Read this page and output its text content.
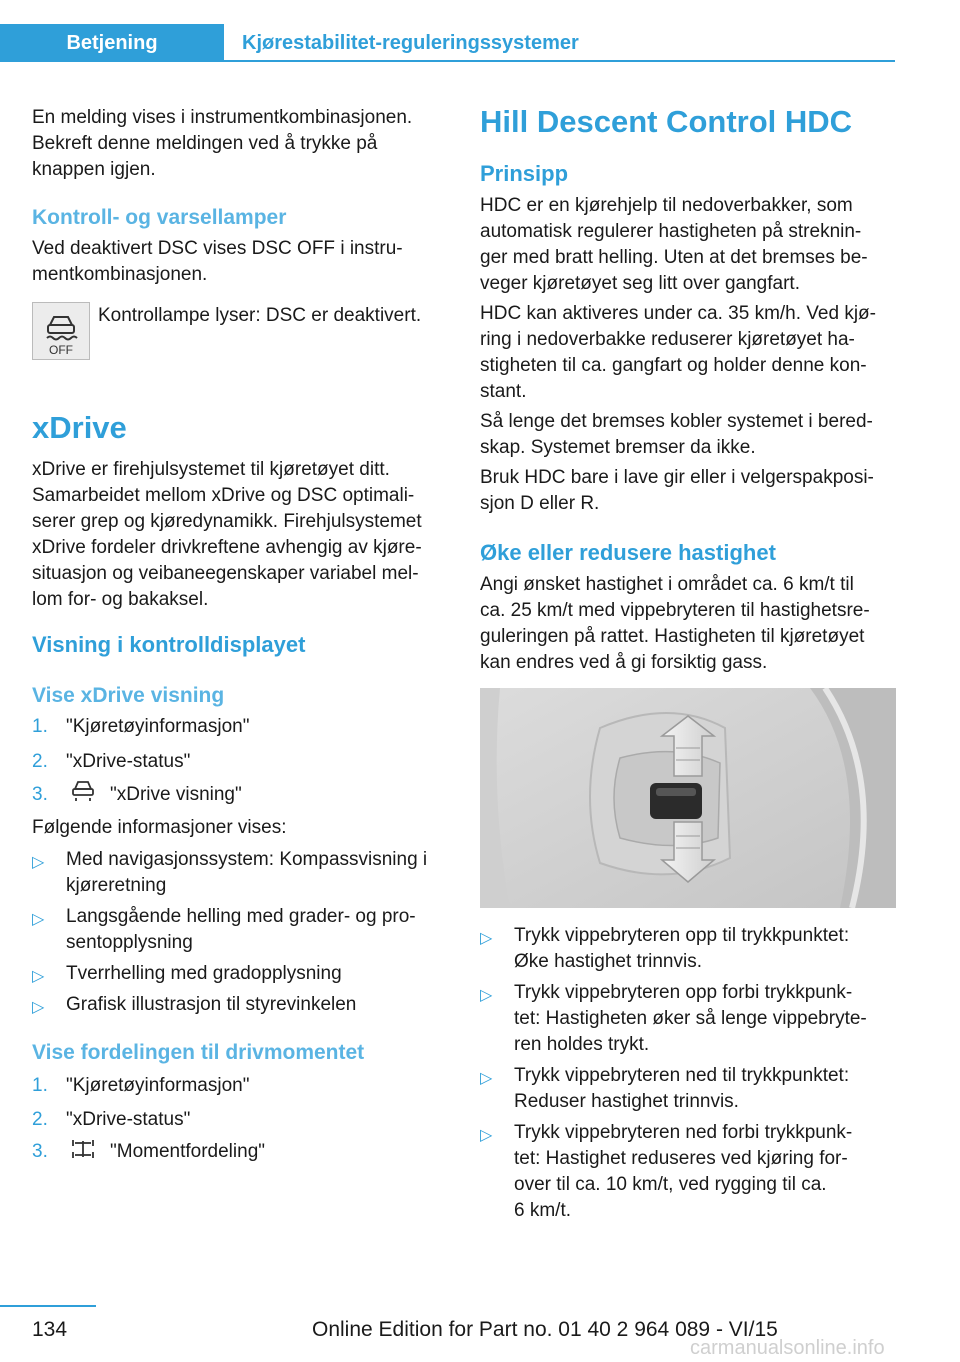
Betjening	Kjørestabilitet-reguleringssystemer
En melding vises i instrumentkombinasjonen.
Bekreft denne meldingen ved å trykke på
knappen igjen.
Kontroll- og varsellamper
Ved deaktivert DSC vises DSC OFF i instru-
mentkombinasjonen.
OFF
Kontrollampe lyser: DSC er deaktivert.
xDrive
xDrive er firehjulsystemet til kjøretøyet ditt.
Samarbeidet mellom xDrive og DSC optimali-
serer grep og kjøredynamikk. Firehjulsystemet
xDrive fordeler drivkreftene avhengig av kjøre-
situasjon og veibaneegenskaper variabel mel-
lom for- og bakaksel.
Visning i kontrolldisplayet
Vise xDrive visning
1. "Kjøretøyinformasjon"
2. "xDrive-status"
3.	"xDrive visning"
Følgende informasjoner vises:
▷ Med navigasjonssystem: Kompassvisning i
kjøreretning
▷ Langsgående helling med grader- og pro-
sentopplysning
▷ Tverrhelling med gradopplysning
▷ Grafisk illustrasjon til styrevinkelen
Vise fordelingen til drivmomentet
1. "Kjøretøyinformasjon"
2. "xDrive-status"
3.	"Momentfordeling"
Hill Descent Control HDC
Prinsipp
HDC er en kjørehjelp til nedoverbakker, som
automatisk regulerer hastigheten på streknin-
ger med bratt helling. Uten at det bremses be-
veger kjøretøyet seg litt over gangfart.
HDC kan aktiveres under ca. 35 km/h. Ved kjø-
ring i nedoverbakke reduserer kjøretøyet ha-
stigheten til ca. gangfart og holder denne kon-
stant.
Så lenge det bremses kobler systemet i bered-
skap. Systemet bremser da ikke.
Bruk HDC bare i lave gir eller i velgerspakposi-
sjon D eller R.
Øke eller redusere hastighet
Angi ønsket hastighet i området ca. 6 km/t til
ca. 25 km/t med vippebryteren til hastighetsre-
guleringen på rattet. Hastigheten til kjøretøyet
kan endres ved å gi forsiktig gass.
▷ Trykk vippebryteren opp til trykkpunktet:
Øke hastighet trinnvis.
▷ Trykk vippebryteren opp forbi trykkpunk-
tet: Hastigheten øker så lenge vippebryte-
ren holdes trykt.
▷ Trykk vippebryteren ned til trykkpunktet:
Reduser hastighet trinnvis.
▷ Trykk vippebryteren ned forbi trykkpunk-
tet: Hastighet reduseres ved kjøring for-
over til ca. 10 km/t, ved rygging til ca.
6 km/t.
134	Online Edition for Part no. 01 40 2 964 089 - VI/15
carmanualsonline.info
